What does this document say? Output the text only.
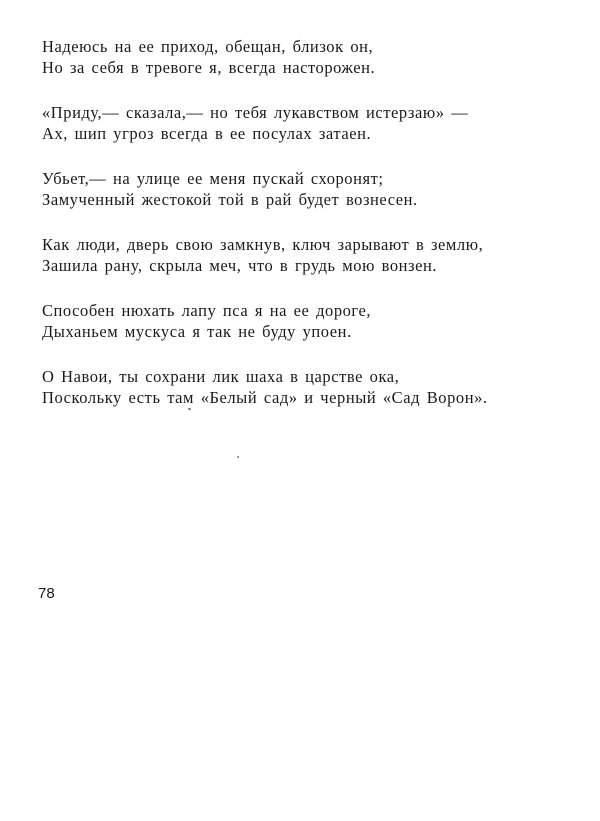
Надеюсь на ее приход, обещан, близок он,
Но за себя в тревоге я, всегда насторожен.
«Приду,— сказала,— но тебя лукавством истерзаю» —
Ах, шип угроз всегда в ее посулах затаен.
Убьет,— на улице ее меня пускай схоронят;
Замученный жестокой той в рай будет вознесен.
Как люди, дверь свою замкнув, ключ зарывают в землю,
Зашила рану, скрыла меч, что в грудь мою вонзен.
Способен нюхать лапу пса я на ее дороге,
Дыханьем мускуса я так не буду упоен.
О Навои, ты сохрани лик шаха в царстве ока,
Поскольку есть там «Белый сад» и черный «Сад Ворон».
78
